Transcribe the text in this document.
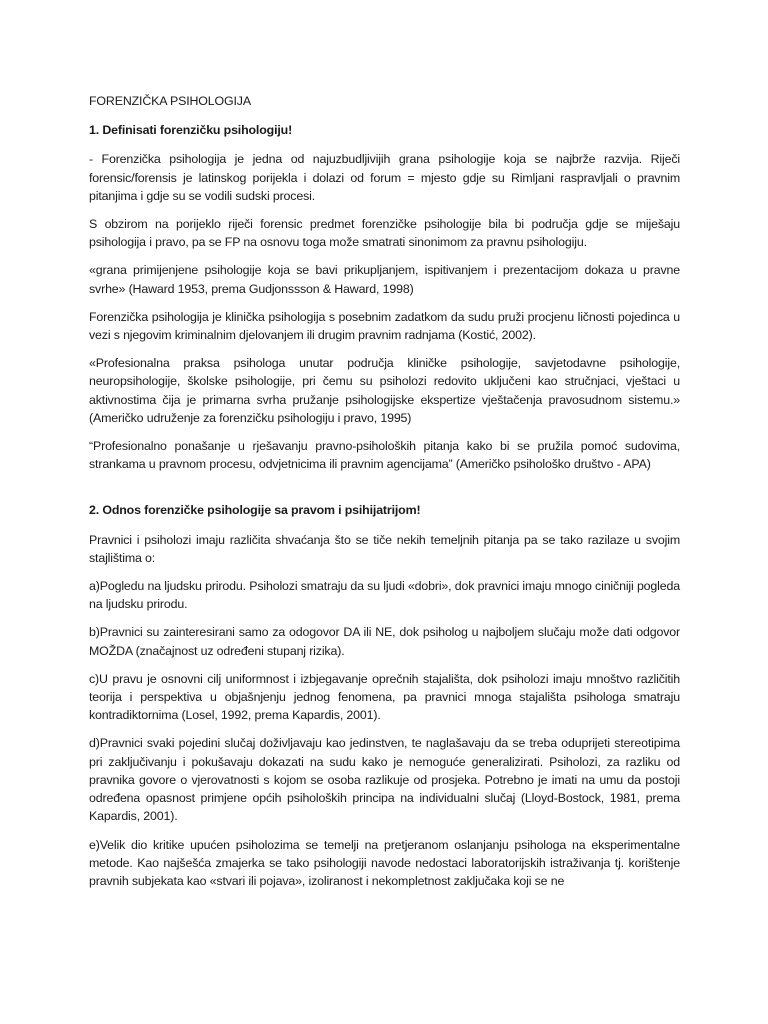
FORENZIČKA PSIHOLOGIJA
1. Definisati forenzičku psihologiju!

- Forenzička psihologija je jedna od najuzbudljivijih grana psihologije koja se najbrže razvija. Riječi forensic/forensis je latinskog porijekla i dolazi od forum = mjesto gdje su Rimljani raspravljali o pravnim pitanjima i gdje su se vodili sudski procesi.

S obzirom na porijeklo riječi forensic predmet forenzičke psihologije bila bi područja gdje se miješaju psihologija i pravo, pa se FP na osnovu toga može smatrati sinonimom za pravnu psihologiju.

«grana primijenjene psihologije koja se bavi prikupljanjem, ispitivanjem i prezentacijom dokaza u pravne svrhe» (Haward 1953, prema Gudjonssson & Haward, 1998)

Forenzička psihologija je klinička psihologija s posebnim zadatkom da sudu pruži procjenu ličnosti pojedinca u vezi s njegovim kriminalnim djelovanjem ili drugim pravnim radnjama (Kostić, 2002).

«Profesionalna praksa psihologa unutar područja kliničke psihologije, savjetodavne psihologije, neuropsihologije, školske psihologije, pri čemu su psiholozi redovito uključeni kao stručnjaci, vještaci u aktivnostima čija je primarna svrha pružanje psihologijske ekspertize vještačenja pravosudnom sistemu.» (Američko udruženje za forenzičku psihologiju i pravo, 1995)

“Profesionalno ponašanje u rješavanju pravno-psiholoških pitanja kako bi se pružila pomoć sudovima, strankama u pravnom procesu, odvjetnicima ili pravnim agencijama” (Američko psihološko društvo - APA)

2. Odnos forenzičke psihologije sa pravom i psihijatrijom!

Pravnici i psiholozi imaju različita shvaćanja što se tiče nekih temeljnih pitanja pa se tako razilaze u svojim stajlištima o:

a)Pogledu na ljudsku prirodu. Psiholozi smatraju da su ljudi «dobri», dok pravnici imaju mnogo ciničniji pogleda na ljudsku prirodu.

b)Pravnici su zainteresirani samo za odogovor DA ili NE, dok psiholog u najboljem slučaju može dati odgovor MOŽDA (značajnost uz određeni stupanj rizika).

c)U pravu je osnovni cilj uniformnost i izbjegavanje oprečnih stajališta, dok psiholozi imaju mnoštvo različitih teorija i perspektiva u objašnjenju jednog fenomena, pa pravnici mnoga stajališta psihologa smatraju kontradiktornima (Losel, 1992, prema Kapardis, 2001).

d)Pravnici svaki pojedini slučaj doživljavaju kao jedinstven, te naglašavaju da se treba oduprijeti stereotipima pri zaključivanju i pokušavaju dokazati na sudu kako je nemoguće generalizirati. Psiholozi, za razliku od pravnika govore o vjerovatnosti s kojom se osoba razlikuje od prosjeka. Potrebno je imati na umu da postoji određena opasnost primjene općih psiholoških principa na individualni slučaj (Lloyd-Bostock, 1981, prema Kapardis, 2001).

e)Velik dio kritike upućen psiholozima se temelji na pretjeranom oslanjanju psihologa na eksperimentalne metode. Kao najšešća zmajerka se tako psihologiji navode nedostaci laboratorijskih istraživanja tj. korištenje pravnih subjekata kao «stvari ili pojava», izoliranost i nekompletnost zaključaka koji se ne
